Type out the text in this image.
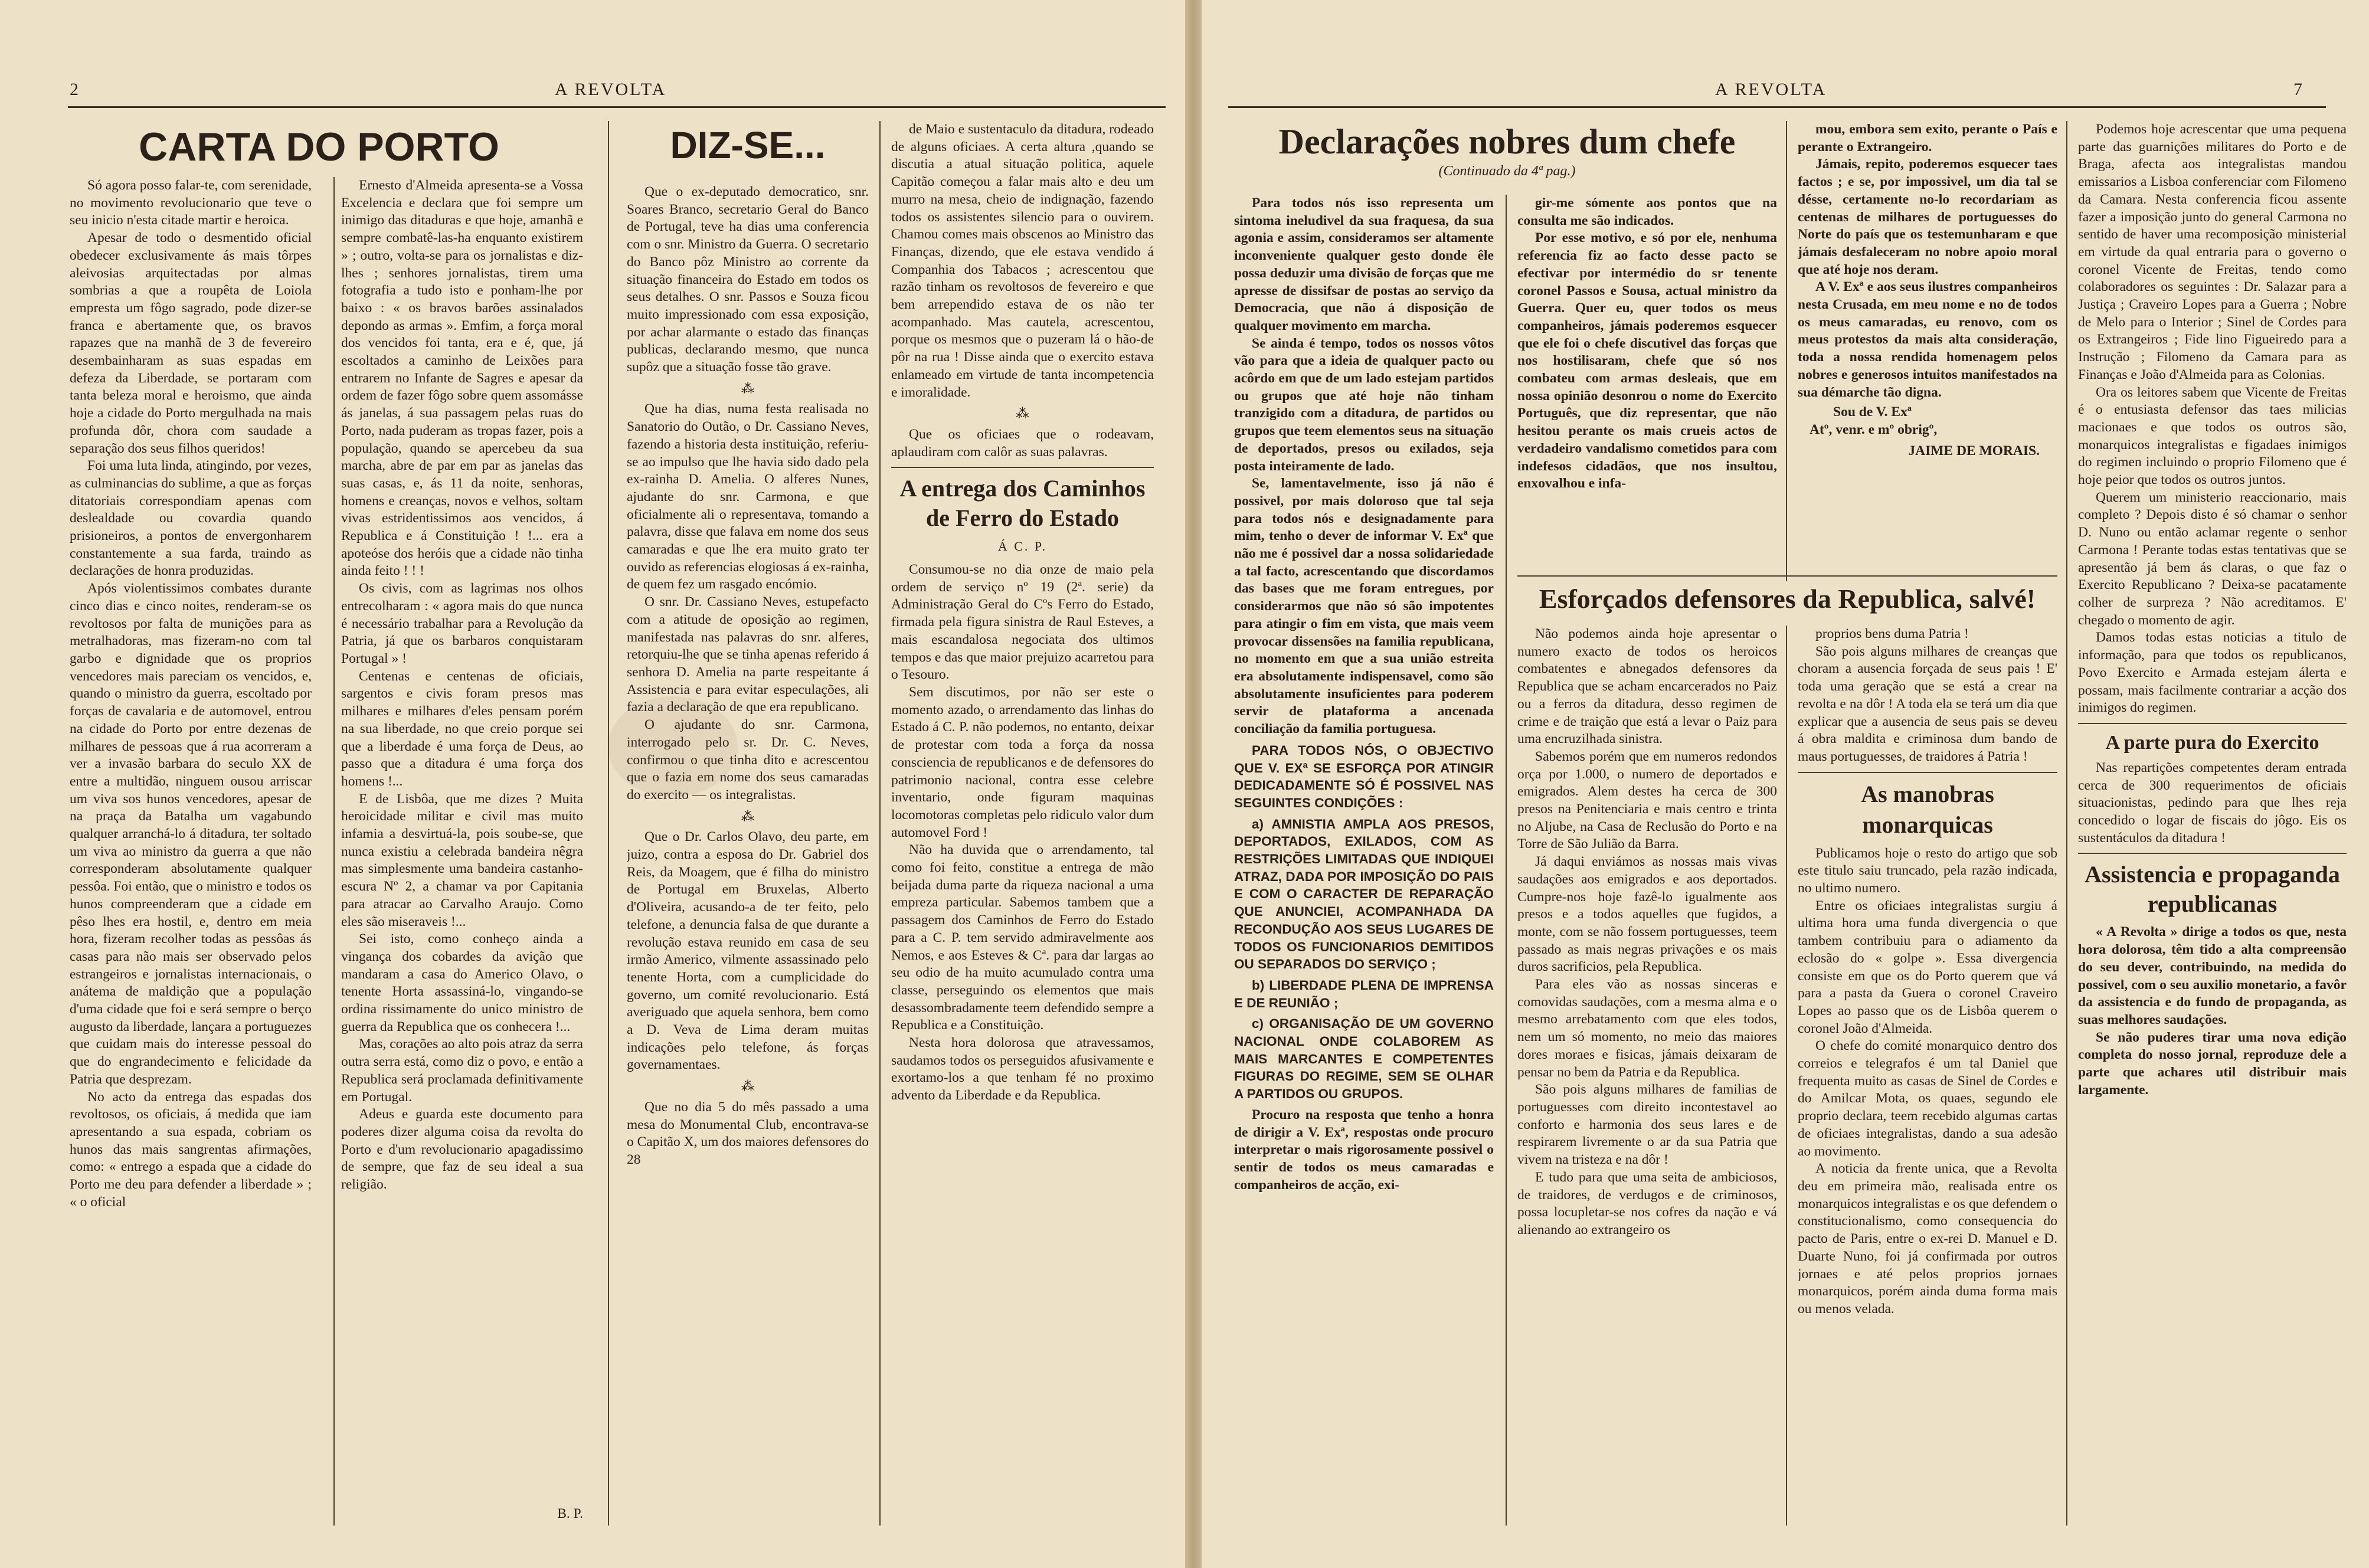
2	A REVOLTA
CARTA DO PORTO

Só agora posso falar-te, com serenidade, no movimento revolucionario que teve o seu inicio n'esta citade martir e heroica.

Apesar de todo o desmentido oficial obedecer exclusivamente ás mais tôrpes aleivosias arquitectadas por almas sombrias a que a roupêta de Loiola empresta um fôgo sagrado, pode dizer-se franca e abertamente que, os bravos rapazes que na manhã de 3 de fevereiro desembainharam as suas espadas em defeza da Liberdade, se portaram com tanta beleza moral e heroismo, que ainda hoje a cidade do Porto mergulhada na mais profunda dôr, chora com saudade a separação dos seus filhos queridos!

Foi uma luta linda, atingindo, por vezes, as culminancias do sublime, a que as forças ditatoriais correspondiam apenas com deslealdade ou covardia quando prisioneiros, a pontos de envergonharem constantemente a sua farda, traindo as declarações de honra produzidas.

Após violentissimos combates durante cinco dias e cinco noites, renderam-se os revoltosos por falta de munições para as metralhadoras, mas fizeram-no com tal garbo e dignidade que os proprios vencedores mais pareciam os vencidos, e, quando o ministro da guerra, escoltado por forças de cavalaria e de automovel, entrou na cidade do Porto por entre dezenas de milhares de pessoas que á rua acorreram a ver a invasão barbara do seculo XX de entre a multidão, ninguem ousou arriscar um viva sos hunos vencedores, apesar de na praça da Batalha um vagabundo qualquer arranchá-lo á ditadura, ter soltado um viva ao ministro da guerra a que não corresponderam absolutamente qualquer pessôa. Foi então, que o ministro e todos os hunos compreenderam que a cidade em pêso lhes era hostil, e, dentro em meia hora, fizeram recolher todas as pessôas ás casas para não mais ser observado pelos estrangeiros e jornalistas internacionais, o anátema de maldição que a população d'uma cidade que foi e será sempre o berço augusto da liberdade, lançara a portuguezes que cuidam mais do interesse pessoal do que do engrandecimento e felicidade da Patria que desprezam.

No acto da entrega das espadas dos revoltosos, os oficiais, á medida que iam apresentando a sua espada, cobriam os hunos das mais sangrentas afirmações, como: « entrego a espada que a cidade do Porto me deu para defender a liberdade » ; « o oficial

Ernesto d'Almeida apresenta-se a Vossa Excelencia e declara que foi sempre um inimigo das ditaduras e que hoje, amanhã e sempre combatê-las-ha enquanto existirem » ; outro, volta-se para os jornalistas e diz-lhes ; senhores jornalistas, tirem uma fotografia a tudo isto e ponham-lhe por baixo : « os bravos barões assinalados depondo as armas ». Emfim, a força moral dos vencidos foi tanta, era e é, que, já escoltados a caminho de Leixões para entrarem no Infante de Sagres e apesar da ordem de fazer fôgo sobre quem assomásse ás janelas, á sua passagem pelas ruas do Porto, nada puderam as tropas fazer, pois a população, quando se apercebeu da sua marcha, abre de par em par as janelas das suas casas, e, ás 11 da noite, senhoras, homens e creanças, novos e velhos, soltam vivas estridentissimos aos vencidos, á Republica e á Constituição ! !... era a apoteóse dos heróis que a cidade não tinha ainda feito ! ! !

Os civis, com as lagrimas nos olhos entrecolharam : « agora mais do que nunca é necessário trabalhar para a Revolução da Patria, já que os barbaros conquistaram Portugal » !

Centenas e centenas de oficiais, sargentos e civis foram presos mas milhares e milhares d'eles pensam porém na sua liberdade, no que creio porque sei que a liberdade é uma força de Deus, ao passo que a ditadura é uma força dos homens !...

E de Lisbôa, que me dizes ? Muita heroicidade militar e civil mas muito infamia a desvirtuá-la, pois soube-se, que nunca existiu a celebrada bandeira nêgra mas simplesmente uma bandeira castanho-escura Nº 2, a chamar va por Capitania para atracar ao Carvalho Araujo. Como eles são miseraveis !...

Sei isto, como conheço ainda a vingança dos cobardes da avição que mandaram a casa do Americo Olavo, o tenente Horta assassiná-lo, vingando-se ordina rissimamente do unico ministro de guerra da Republica que os conhecera !...

Mas, corações ao alto pois atraz da serra outra serra está, como diz o povo, e então a Republica será proclamada definitivamente em Portugal.

Adeus e guarda este documento para poderes dizer alguma coisa da revolta do Porto e d'um revolucionario apagadissimo de sempre, que faz de seu ideal a sua religião.

B. P.
DIZ-SE...

Que o ex-deputado democratico, snr. Soares Branco, secretario Geral do Banco de Portugal, teve ha dias uma conferencia com o snr. Ministro da Guerra. O secretario do Banco pôz Ministro ao corrente da situação financeira do Estado em todos os seus detalhes. O snr. Passos e Souza ficou muito impressionado com essa exposição, por achar alarmante o estado das finanças publicas, declarando mesmo, que nunca supôz que a situação fosse tão grave.

⁂

Que ha dias, numa festa realisada no Sanatorio do Outão, o Dr. Cassiano Neves, fazendo a historia desta instituição, referiu-se ao impulso que lhe havia sido dado pela ex-rainha D. Amelia. O alferes Nunes, ajudante do snr. Carmona, e que oficialmente ali o representava, tomando a palavra, disse que falava em nome dos seus camaradas e que lhe era muito grato ter ouvido as referencias elogiosas á ex-rainha, de quem fez um rasgado encómio.

O snr. Dr. Cassiano Neves, estupefacto com a atitude de oposição ao regimen, manifestada nas palavras do snr. alferes, retorquiu-lhe que se tinha apenas referido á senhora D. Amelia na parte respeitante á Assistencia e para evitar especulações, ali fazia a declaração de que era republicano.

O ajudante do snr. Carmona, interrogado pelo sr. Dr. C. Neves, confirmou o que tinha dito e acrescentou que o fazia em nome dos seus camaradas do exercito — os integralistas.

⁂

Que o Dr. Carlos Olavo, deu parte, em juizo, contra a esposa do Dr. Gabriel dos Reis, da Moagem, que é filha do ministro de Portugal em Bruxelas, Alberto d'Oliveira, acusando-a de ter feito, pelo telefone, a denuncia falsa de que durante a revolução estava reunido em casa de seu irmão Americo, vilmente assassinado pelo tenente Horta, com a cumplicidade do governo, um comité revolucionario. Está averiguado que aquela senhora, bem como a D. Veva de Lima deram muitas indicações pelo telefone, ás forças governamentaes.

⁂

Que no dia 5 do mês passado a uma mesa do Monumental Club, encontrava-se o Capitão X, um dos maiores defensores do 28

de Maio e sustentaculo da ditadura, rodeado de alguns oficiaes. A certa altura ,quando se discutia a atual situação politica, aquele Capitão começou a falar mais alto e deu um murro na mesa, cheio de indignação, fazendo todos os assistentes silencio para o ouvirem. Chamou comes mais obscenos ao Ministro das Finanças, dizendo, que ele estava vendido á Companhia dos Tabacos ; acrescentou que razão tinham os revoltosos de fevereiro e que bem arrependido estava de os não ter acompanhado. Mas cautela, acrescentou, porque os mesmos que o puzeram lá o hão-de pôr na rua ! Disse ainda que o exercito estava enlameado em virtude de tanta incompetencia e imoralidade.

⁂

Que os oficiaes que o rodeavam, aplaudiram com calôr as suas palavras.

A entrega dos Caminhos de Ferro do Estado
Á C. P.

Consumou-se no dia onze de maio pela ordem de serviço nº 19 (2ª. serie) da Administração Geral do Cºs Ferro do Estado, firmada pela figura sinistra de Raul Esteves, a mais escandalosa negociata dos ultimos tempos e das que maior prejuizo acarretou para o Tesouro.

Sem discutimos, por não ser este o momento azado, o arrendamento das linhas do Estado á C. P. não podemos, no entanto, deixar de protestar com toda a força da nossa consciencia de republicanos e de defensores do patrimonio nacional, contra esse celebre inventario, onde figuram maquinas locomotoras completas pelo ridiculo valor dum automovel Ford !

Não ha duvida que o arrendamento, tal como foi feito, constitue a entrega de mão beijada duma parte da riqueza nacional a uma empreza particular. Sabemos tambem que a passagem dos Caminhos de Ferro do Estado para a C. P. tem servido admiravelmente aos Nemos, e aos Esteves & Cª. para dar largas ao seu odio de ha muito acumulado contra uma classe, perseguindo os elementos que mais desassombradamente teem defendido sempre a Republica e a Constituição.

Nesta hora dolorosa que atravessamos, saudamos todos os perseguidos afusivamente e exortamo-los a que tenham fé no proximo advento da Liberdade e da Republica.

A REVOLTA	7
Declarações nobres dum chefe
(Continuado da 4ª pag.)

Para todos nós isso representa um sintoma ineludivel da sua fraquesa, da sua agonia e assim, consideramos ser altamente inconveniente qualquer gesto donde êle possa deduzir uma divisão de forças que me apresse de dissifsar de postas ao serviço da Democracia, que não á disposição de qualquer movimento em marcha.

Se ainda é tempo, todos os nossos vôtos vão para que a ideia de qualquer pacto ou acôrdo em que de um lado estejam partidos ou grupos que até hoje não tinham tranzigido com a ditadura, de partidos ou grupos que teem elementos seus na situação de deportados, presos ou exilados, seja posta inteiramente de lado.

Se, lamentavelmente, isso já não é possivel, por mais doloroso que tal seja para todos nós e designadamente para mim, tenho o dever de informar V. Exª que não me é possivel dar a nossa solidariedade a tal facto, acrescentando que discordamos das bases que me foram entregues, por considerarmos que não só são impotentes para atingir o fim em vista, que mais veem provocar dissensões na familia republicana, no momento em que a sua união estreita era absolutamente indispensavel, como são absolutamente insuficientes para poderem servir de plataforma a ancenada conciliação da familia portuguesa.

PARA TODOS NÓS, O OBJECTIVO QUE V. EXª SE ESFORÇA POR ATINGIR DEDICADAMENTE SÓ É POSSIVEL NAS SEGUINTES CONDIÇÕES :

a) AMNISTIA AMPLA AOS PRESOS, DEPORTADOS, EXILADOS, COM AS RESTRIÇÕES LIMITADAS QUE INDIQUEI ATRAZ, DADA POR IMPOSIÇÃO DO PAIS E COM O CARACTER DE REPARAÇÃO QUE ANUNCIEI, ACOMPANHADA DA RECONDUÇÃO AOS SEUS LUGARES DE TODOS OS FUNCIONARIOS DEMITIDOS OU SEPARADOS DO SERVIÇO ;

b) LIBERDADE PLENA DE IMPRENSA E DE REUNIÃO ;

c) ORGANISAÇÃO DE UM GOVERNO NACIONAL ONDE COLABOREM AS MAIS MARCANTES E COMPETENTES FIGURAS DO REGIME, SEM SE OLHAR A PARTIDOS OU GRUPOS.

Procuro na resposta que tenho a honra de dirigir a V. Exª, respostas onde procuro interpretar o mais rigorosamente possivel o sentir de todos os meus camaradas e companheiros de acção, exi-

gir-me sómente aos pontos que na consulta me são indicados.

Por esse motivo, e só por ele, nenhuma referencia fiz ao facto desse pacto se efectivar por intermédio do sr tenente coronel Passos e Sousa, actual ministro da Guerra. Quer eu, quer todos os meus companheiros, jámais poderemos esquecer que ele foi o chefe discutivel das forças que nos hostilisaram, chefe que só nos combateu com armas desleais, que em nossa opinião desonrou o nome do Exercito Português, que diz representar, que não hesitou perante os mais crueis actos de verdadeiro vandalismo cometidos para com indefesos cidadãos, que nos insultou, enxovalhou e infa-

mou, embora sem exito, perante o País e perante o Extrangeiro.

Jámais, repito, poderemos esquecer taes factos ; e se, por impossivel, um dia tal se désse, certamente no-lo recordariam as centenas de milhares de portuguesses do Norte do país que os testemunharam e que jámais desfaleceram no nobre apoio moral que até hoje nos deram.

A V. Exª e aos seus ilustres companheiros nesta Crusada, em meu nome e no de todos os meus camaradas, eu renovo, com os meus protestos da mais alta consideração, toda a nossa rendida homenagem pelos nobres e generosos intuitos manifestados na sua démarche tão digna.

Sou de V. Exª
Atº, venr. e mº obrigº,
JAIME DE MORAIS.
Esforçados defensores da Republica, salvé!

Não podemos ainda hoje apresentar o numero exacto de todos os heroicos combatentes e abnegados defensores da Republica que se acham encarcerados no Paiz ou a ferros da ditadura, desso regimen de crime e de traição que está a levar o Paiz para uma encruzilhada sinistra.

Sabemos porém que em numeros redondos orça por 1.000, o numero de deportados e emigrados. Alem destes ha cerca de 300 presos na Penitenciaria e mais centro e trinta no Aljube, na Casa de Reclusão do Porto e na Torre de São Julião da Barra.

Já daqui enviámos as nossas mais vivas saudações aos emigrados e aos deportados. Cumpre-nos hoje fazê-lo igualmente aos presos e a todos aquelles que fugidos, a monte, com se não fossem portuguesses, teem passado as mais negras privações e os mais duros sacrificios, pela Republica.

Para eles vão as nossas sinceras e comovidas saudações, com a mesma alma e o mesmo arrebatamento com que eles todos, nem um só momento, no meio das maiores dores moraes e fisicas, jámais deixaram de pensar no bem da Patria e da Republica.

São pois alguns milhares de familias de portuguesses com direito incontestavel ao conforto e harmonia dos seus lares e de respirarem livremente o ar da sua Patria que vivem na tristeza e na dôr !

E tudo para que uma seita de ambiciosos, de traidores, de verdugos e de criminosos, possa locupletar-se nos cofres da nação e vá alienando ao extrangeiro os

proprios bens duma Patria !

São pois alguns milhares de creanças que choram a ausencia forçada de seus pais ! E' toda uma geração que se está a crear na revolta e na dôr ! A toda ela se terá um dia que explicar que a ausencia de seus pais se deveu á obra maldita e criminosa dum bando de maus portuguesses, de traidores á Patria !

As manobras monarquicas

Publicamos hoje o resto do artigo que sob este titulo saiu truncado, pela razão indicada, no ultimo numero.

Entre os oficiaes integralistas surgiu á ultima hora uma funda divergencia o que tambem contribuiu para o adiamento da eclosão do « golpe ». Essa divergencia consiste em que os do Porto querem que vá para a pasta da Guera o coronel Craveiro Lopes ao passo que os de Lisbôa querem o coronel João d'Almeida.

O chefe do comité monarquico dentro dos correios e telegrafos é um tal Daniel que frequenta muito as casas de Sinel de Cordes e do Amilcar Mota, os quaes, segundo ele proprio declara, teem recebido algumas cartas de oficiaes integralistas, dando a sua adesão ao movimento.

A noticia da frente unica, que a Revolta deu em primeira mão, realisada entre os monarquicos integralistas e os que defendem o constitucionalismo, como consequencia do pacto de Paris, entre o ex-rei D. Manuel e D. Duarte Nuno, foi já confirmada por outros jornaes e até pelos proprios jornaes monarquicos, porém ainda duma forma mais ou menos velada.

Podemos hoje acrescentar que uma pequena parte das guarnições militares do Porto e de Braga, afecta aos integralistas mandou emissarios a Lisboa conferenciar com Filomeno da Camara. Nesta conferencia ficou assente fazer a imposição junto do general Carmona no sentido de haver uma recomposição ministerial em virtude da qual entraria para o governo o coronel Vicente de Freitas, tendo como colaboradores os seguintes : Dr. Salazar para a Justiça ; Craveiro Lopes para a Guerra ; Nobre de Melo para o Interior ; Sinel de Cordes para os Extrangeiros ; Fide lino Figueiredo para a Instrução ; Filomeno da Camara para as Finanças e João d'Almeida para as Colonias.

Ora os leitores sabem que Vicente de Freitas é o entusiasta defensor das taes milicias macionaes e que todos os outros são, monarquicos integralistas e figadaes inimigos do regimen incluindo o proprio Filomeno que é hoje peior que todos os outros juntos.

Querem um ministerio reaccionario, mais completo ? Depois disto é só chamar o senhor D. Nuno ou então aclamar regente o senhor Carmona ! Perante todas estas tentativas que se apresentão já bem ás claras, o que faz o Exercito Republicano ? Deixa-se pacatamente colher de surpreza ? Não acreditamos. E' chegado o momento de agir.

Damos todas estas noticias a titulo de informação, para que todos os republicanos, Povo Exercito e Armada estejam álerta e possam, mais facilmente contrariar a acção dos inimigos do regimen.

A parte pura do Exercito

Nas repartições competentes deram entrada cerca de 300 requerimentos de oficiais situacionistas, pedindo para que lhes reja concedido o logar de fiscais do jôgo. Eis os sustentáculos da ditadura !

Assistencia e propaganda republicanas

« A Revolta » dirige a todos os que, nesta hora dolorosa, têm tido a alta compreensão do seu dever, contribuindo, na medida do possivel, com o seu auxilio monetario, a favôr da assistencia e do fundo de propaganda, as suas melhores saudações.

Se não puderes tirar uma nova edição completa do nosso jornal, reproduze dele a parte que achares util distribuir mais largamente.
